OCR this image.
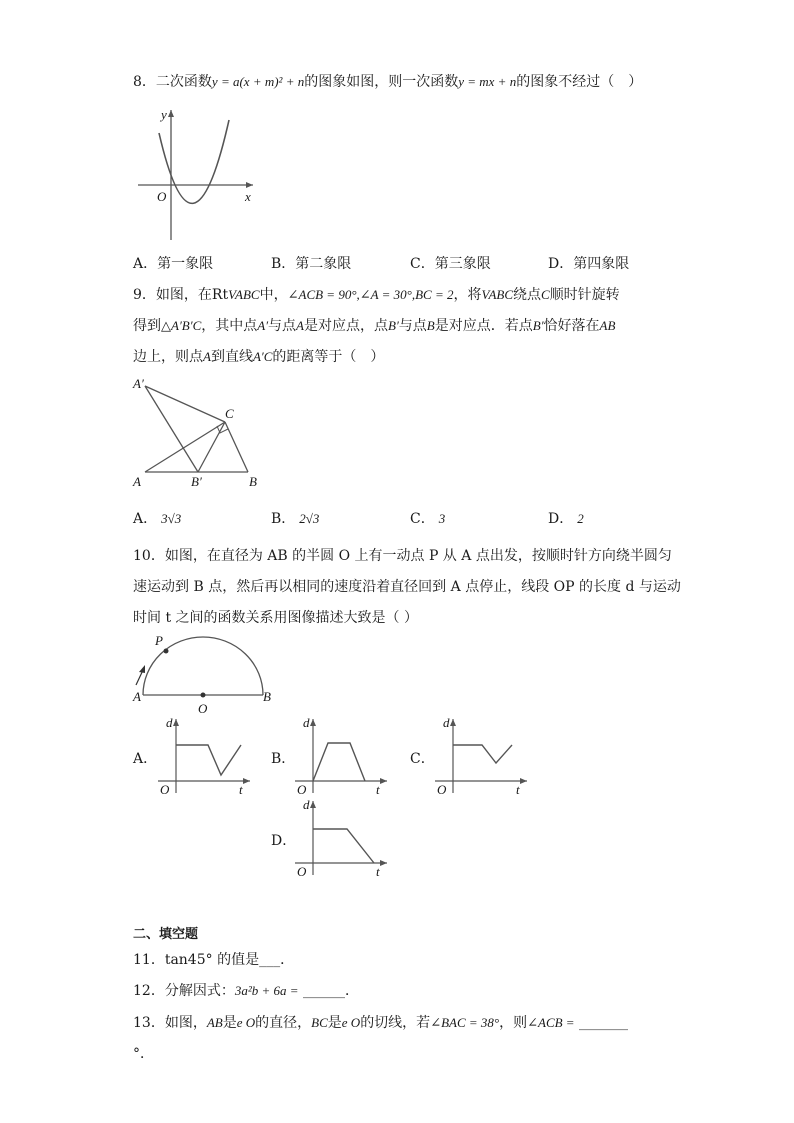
8．二次函数y = a(x + m)² + n的图象如图，则一次函数y = mx + n的图象不经过（　）
x
y
O
A．第一象限	B．第二象限	C．第三象限	D．第四象限
9．如图，在RtVABC中，∠ACB = 90°,∠A = 30°,BC = 2，将VABC绕点C顺时针旋转
得到△A′B′C，其中点A′与点A是对应点，点B′与点B是对应点．若点B′恰好落在AB
边上，则点A到直线A′C的距离等于（　）
A′
C
A	B′	B
A． 3√3	B． 2√3	C． 3	D． 2
10．如图，在直径为 AB 的半圆 O 上有一动点 P 从 A 点出发，按顺时针方向绕半圆匀
速运动到 B 点，然后再以相同的速度沿着直径回到 A 点停止，线段 OP 的长度 d 与运动
时间 t 之间的函数关系用图像描述大致是（ ）
P
A
O
B
A．
d
O	t
B．
d
O	t
C．
d
O	t
D．
d
O	t
二、填空题
11．tan45° 的值是___．
12．分解因式：3a²b + 6a = ______．
13．如图，AB是e O的直径，BC是e O的切线，若∠BAC = 38°，则∠ACB = _______
°．
